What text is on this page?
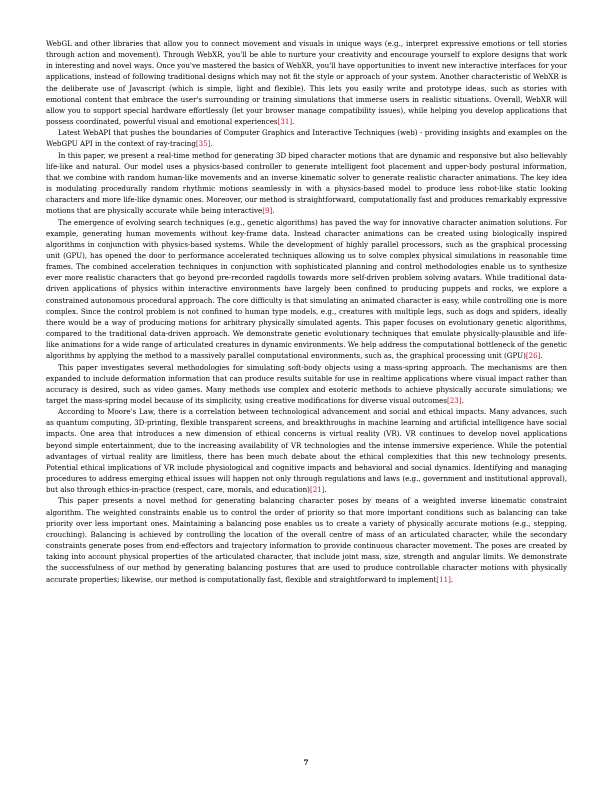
WebGL and other libraries that allow you to connect movement and visuals in unique ways (e.g., interpret expressive emotions or tell stories through action and movement). Through WebXR, you'll be able to nurture your creativity and encourage yourself to explore designs that work in interesting and novel ways. Once you've mastered the basics of WebXR, you'll have opportunities to invent new interactive interfaces for your applications, instead of following traditional designs which may not fit the style or approach of your system. Another characteristic of WebXR is the deliberate use of Javascript (which is simple, light and flexible). This lets you easily write and prototype ideas, such as stories with emotional content that embrace the user's surrounding or training simulations that immerse users in realistic situations. Overall, WebXR will allow you to support special hardware effortlessly (let your browser manage compatibility issues), while helping you develop applications that possess coordinated, powerful visual and emotional experiences[31].

Latest WebAPI that pushes the boundaries of Computer Graphics and Interactive Techniques (web) - providing insights and examples on the WebGPU API in the context of ray-tracing[35].

In this paper, we present a real-time method for generating 3D biped character motions that are dynamic and responsive but also believably life-like and natural. Our model uses a physics-based controller to generate intelligent foot placement and upper-body postural information, that we combine with random human-like movements and an inverse kinematic solver to generate realistic character animations. The key idea is modulating procedurally random rhythmic motions seamlessly in with a physics-based model to produce less robot-like static looking characters and more life-like dynamic ones. Moreover, our method is straightforward, computationally fast and produces remarkably expressive motions that are physically accurate while being interactive[9].

The emergence of evolving search techniques (e.g., genetic algorithms) has paved the way for innovative character animation solutions. For example, generating human movements without key-frame data. Instead character animations can be created using biologically inspired algorithms in conjunction with physics-based systems. While the development of highly parallel processors, such as the graphical processing unit (GPU), has opened the door to performance accelerated techniques allowing us to solve complex physical simulations in reasonable time frames. The combined acceleration techniques in conjunction with sophisticated planning and control methodologies enable us to synthesize ever more realistic characters that go beyond pre-recorded ragdolls towards more self-driven problem solving avatars. While traditional data-driven applications of physics within interactive environments have largely been confined to producing puppets and rocks, we explore a constrained autonomous procedural approach. The core difficulty is that simulating an animated character is easy, while controlling one is more complex. Since the control problem is not confined to human type models, e.g., creatures with multiple legs, such as dogs and spiders, ideally there would be a way of producing motions for arbitrary physically simulated agents. This paper focuses on evolutionary genetic algorithms, compared to the traditional data-driven approach. We demonstrate genetic evolutionary techniques that emulate physically-plausible and life-like animations for a wide range of articulated creatures in dynamic environments. We help address the computational bottleneck of the genetic algorithms by applying the method to a massively parallel computational environments, such as, the graphical processing unit (GPU)[26].

This paper investigates several methodologies for simulating soft-body objects using a mass-spring approach. The mechanisms are then expanded to include deformation information that can produce results suitable for use in realtime applications where visual impact rather than accuracy is desired, such as video games. Many methods use complex and esoteric methods to achieve physically accurate simulations; we target the mass-spring model because of its simplicity, using creative modifications for diverse visual outcomes[23].

According to Moore's Law, there is a correlation between technological advancement and social and ethical impacts. Many advances, such as quantum computing, 3D-printing, flexible transparent screens, and breakthroughs in machine learning and artificial intelligence have social impacts. One area that introduces a new dimension of ethical concerns is virtual reality (VR). VR continues to develop novel applications beyond simple entertainment, due to the increasing availability of VR technologies and the intense immersive experience. While the potential advantages of virtual reality are limitless, there has been much debate about the ethical complexities that this new technology presents. Potential ethical implications of VR include physiological and cognitive impacts and behavioral and social dynamics. Identifying and managing procedures to address emerging ethical issues will happen not only through regulations and laws (e.g., government and institutional approval), but also through ethics-in-practice (respect, care, morals, and education)[21].

This paper presents a novel method for generating balancing character poses by means of a weighted inverse kinematic constraint algorithm. The weighted constraints enable us to control the order of priority so that more important conditions such as balancing can take priority over less important ones. Maintaining a balancing pose enables us to create a variety of physically accurate motions (e.g., stepping, crouching). Balancing is achieved by controlling the location of the overall centre of mass of an articulated character, while the secondary constraints generate poses from end-effectors and trajectory information to provide continuous character movement. The poses are created by taking into account physical properties of the articulated character, that include joint mass, size, strength and angular limits. We demonstrate the successfulness of our method by generating balancing postures that are used to produce controllable character motions with physically accurate properties; likewise, our method is computationally fast, flexible and straightforward to implement[11].

7
